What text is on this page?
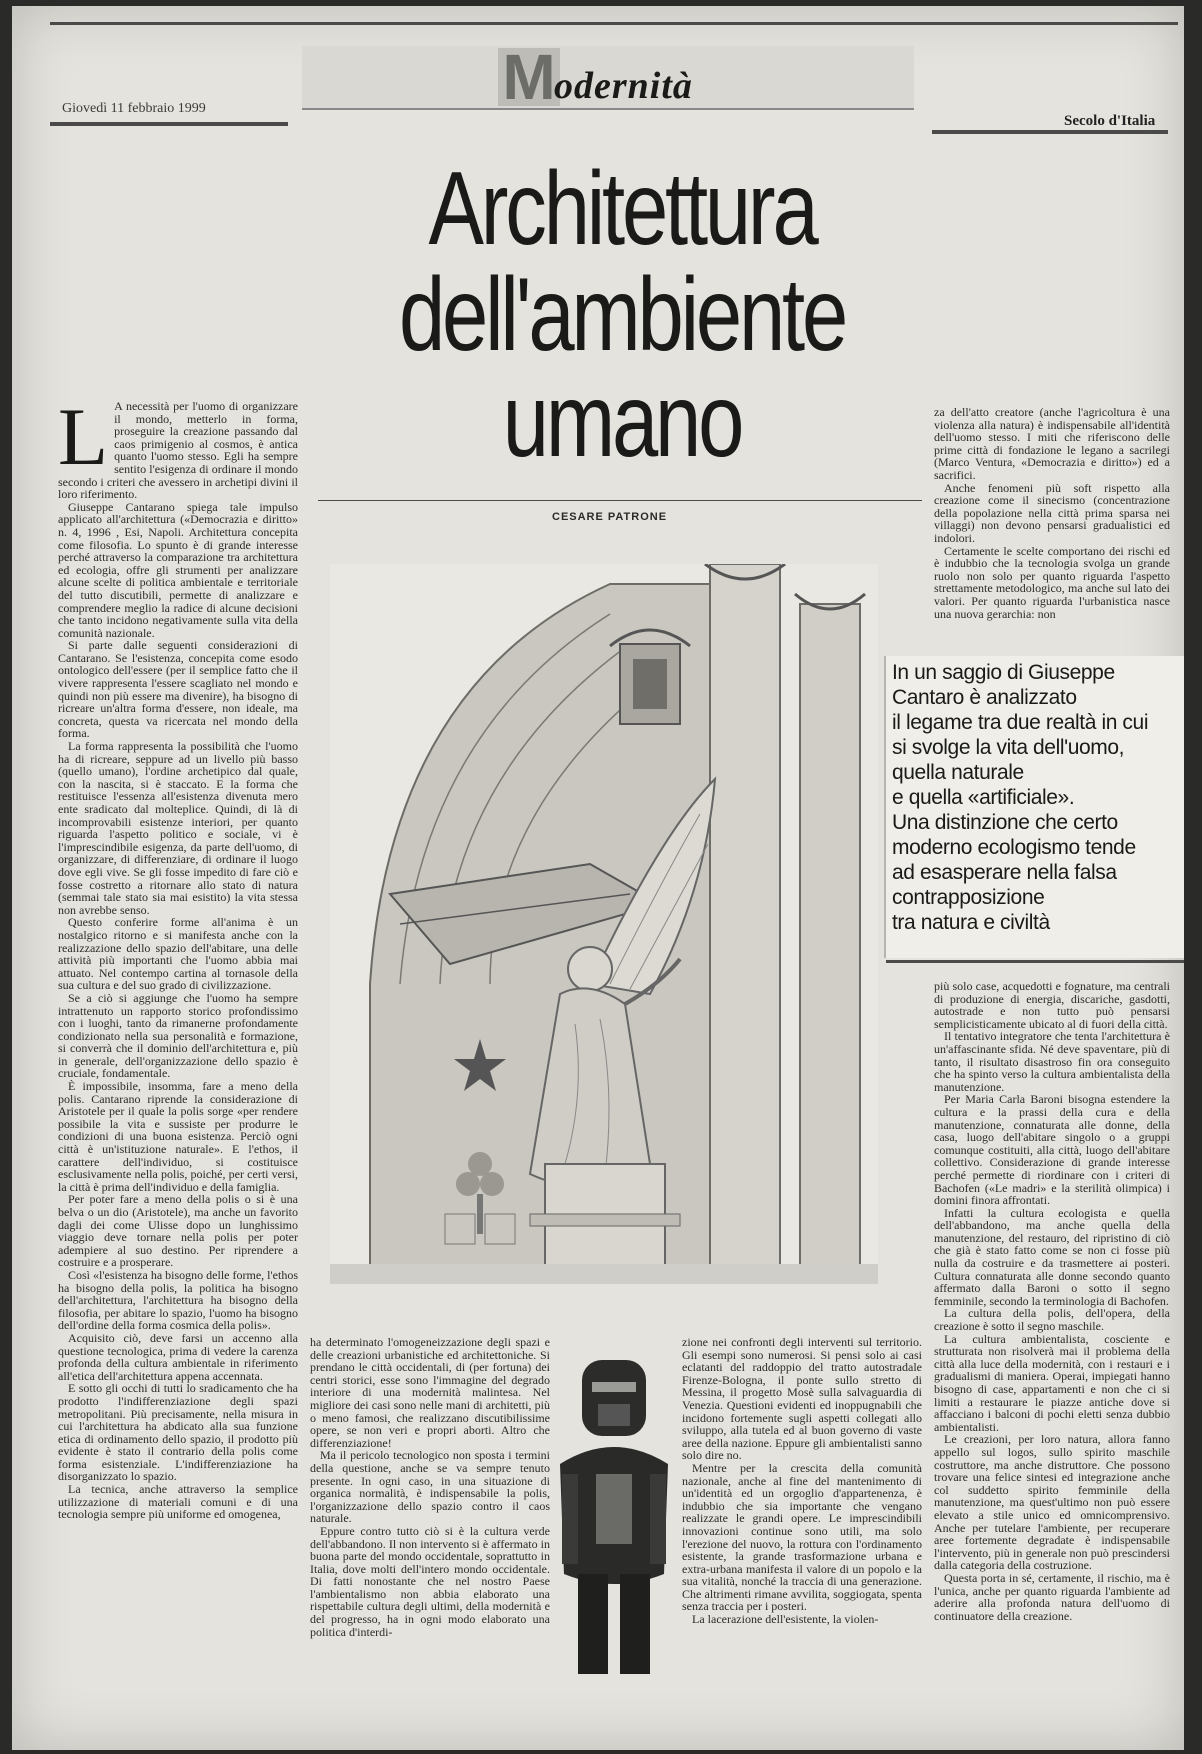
Giovedì 11 febbraio 1999
Secolo d'Italia
M
odernità
Architettura
dell'ambiente
umano
CESARE PATRONE
L A necessità per l'uomo di organizzare il mondo, metterlo in forma, proseguire la creazione passando dal caos primigenio al cosmos, è antica quanto l'uomo stesso. Egli ha sempre sentito l'esigenza di ordinare il mondo secondo i criteri che avessero in archetipi divini il loro riferimento.

Giuseppe Cantarano spiega tale impulso applicato all'architettura («Democrazia e diritto» n. 4, 1996 , Esi, Napoli. Architettura concepita come filosofia. Lo spunto è di grande interesse perché attraverso la comparazione tra architettura ed ecologia, offre gli strumenti per analizzare alcune scelte di politica ambientale e territoriale del tutto discutibili, permette di analizzare e comprendere meglio la radice di alcune decisioni che tanto incidono negativamente sulla vita della comunità nazionale.

Si parte dalle seguenti considerazioni di Cantarano. Se l'esistenza, concepita come esodo ontologico dell'essere (per il semplice fatto che il vivere rappresenta l'essere scagliato nel mondo e quindi non più essere ma divenire), ha bisogno di ricreare un'altra forma d'essere, non ideale, ma concreta, questa va ricercata nel mondo della forma.

La forma rappresenta la possibilità che l'uomo ha di ricreare, seppure ad un livello più basso (quello umano), l'ordine archetipico dal quale, con la nascita, si è staccato. E la forma che restituisce l'essenza all'esistenza divenuta mero ente sradicato dal molteplice. Quindi, di là di incomprovabili esistenze interiori, per quanto riguarda l'aspetto politico e sociale, vi è l'imprescindibile esigenza, da parte dell'uomo, di organizzare, di differenziare, di ordinare il luogo dove egli vive. Se gli fosse impedito di fare ciò e fosse costretto a ritornare allo stato di natura (semmai tale stato sia mai esistito) la vita stessa non avrebbe senso.

Questo conferire forme all'anima è un nostalgico ritorno e si manifesta anche con la realizzazione dello spazio dell'abitare, una delle attività più importanti che l'uomo abbia mai attuato. Nel contempo cartina al tornasole della sua cultura e del suo grado di civilizzazione.

Se a ciò si aggiunge che l'uomo ha sempre intrattenuto un rapporto storico profondissimo con i luoghi, tanto da rimanerne profondamente condizionato nella sua personalità e formazione, si converrà che il dominio dell'architettura e, più in generale, dell'organizzazione dello spazio è cruciale, fondamentale.

È impossibile, insomma, fare a meno della polis. Cantarano riprende la considerazione di Aristotele per il quale la polis sorge «per rendere possibile la vita e sussiste per produrre le condizioni di una buona esistenza. Perciò ogni città è un'istituzione naturale». E l'ethos, il carattere dell'individuo, si costituisce esclusivamente nella polis, poiché, per certi versi, la città è prima dell'individuo e della famiglia.

Per poter fare a meno della polis o si è una belva o un dio (Aristotele), ma anche un favorito dagli dei come Ulisse dopo un lunghissimo viaggio deve tornare nella polis per poter adempiere al suo destino. Per riprendere a costruire e a prosperare.

Così «l'esistenza ha bisogno delle forme, l'ethos ha bisogno della polis, la politica ha bisogno dell'architettura, l'architettura ha bisogno della filosofia, per abitare lo spazio, l'uomo ha bisogno dell'ordine della forma cosmica della polis».

Acquisito ciò, deve farsi un accenno alla questione tecnologica, prima di vedere la carenza profonda della cultura ambientale in riferimento all'etica dell'architettura appena accennata.

E sotto gli occhi di tutti lo sradicamento che ha prodotto l'indifferenziazione degli spazi metropolitani. Più precisamente, nella misura in cui l'architettura ha abdicato alla sua funzione etica di ordinamento dello spazio, il prodotto più evidente è stato il contrario della polis come forma esistenziale. L'indifferenziazione ha disorganizzato lo spazio.

La tecnica, anche attraverso la semplice utilizzazione di materiali comuni e di una tecnologia sempre più uniforme ed omogenea,

In un saggio di Giuseppe
Cantaro è analizzato
il legame tra due realtà in cui
si svolge la vita dell'uomo,
quella naturale
e quella «artificiale».
Una distinzione che certo
moderno ecologismo tende
ad esasperare nella falsa
contrapposizione
tra natura e civiltà

za dell'atto creatore (anche l'agricoltura è una violenza alla natura) è indispensabile all'identità dell'uomo stesso. I miti che riferiscono delle prime città di fondazione le legano a sacrilegi (Marco Ventura, «Democrazia e diritto») ed a sacrifici.

Anche fenomeni più soft rispetto alla creazione come il sinecismo (concentrazione della popolazione nella città prima sparsa nei villaggi) non devono pensarsi gradualistici ed indolori.

Certamente le scelte comportano dei rischi ed è indubbio che la tecnologia svolga un grande ruolo non solo per quanto riguarda l'aspetto strettamente metodologico, ma anche sul lato dei valori. Per quanto riguarda l'urbanistica nasce una nuova gerarchia: non

più solo case, acquedotti e fognature, ma centrali di produzione di energia, discariche, gasdotti, autostrade e non tutto può pensarsi semplicisticamente ubicato al di fuori della città.

Il tentativo integratore che tenta l'architettura è un'affascinante sfida. Né deve spaventare, più di tanto, il risultato disastroso fin ora conseguito che ha spinto verso la cultura ambientalista della manutenzione.

Per Maria Carla Baroni bisogna estendere la cultura e la prassi della cura e della manutenzione, connaturata alle donne, della casa, luogo dell'abitare singolo o a gruppi comunque costituiti, alla città, luogo dell'abitare collettivo. Considerazione di grande interesse perché permette di riordinare con i criteri di Bachofen («Le madri» e la sterilità olimpica) i domini finora affrontati.

Infatti la cultura ecologista e quella dell'abbandono, ma anche quella della manutenzione, del restauro, del ripristino di ciò che già è stato fatto come se non ci fosse più nulla da costruire e da trasmettere ai posteri. Cultura connaturata alle donne secondo quanto affermato dalla Baroni o sotto il segno femminile, secondo la terminologia di Bachofen.

La cultura della polis, dell'opera, della creazione è sotto il segno maschile.

La cultura ambientalista, cosciente e strutturata non risolverà mai il problema della città alla luce della modernità, con i restauri e i gradualismi di maniera. Operai, impiegati hanno bisogno di case, appartamenti e non che ci si limiti a restaurare le piazze antiche dove si affacciano i balconi di pochi eletti senza dubbio ambientalisti.

Le creazioni, per loro natura, allora fanno appello sul logos, sullo spirito maschile costruttore, ma anche distruttore. Che possono trovare una felice sintesi ed integrazione anche col suddetto spirito femminile della manutenzione, ma quest'ultimo non può essere elevato a stile unico ed omnicomprensivo. Anche per tutelare l'ambiente, per recuperare aree fortemente degradate è indispensabile l'intervento, più in generale non può prescindersi dalla categoria della costruzione.

Questa porta in sé, certamente, il rischio, ma è l'unica, anche per quanto riguarda l'ambiente ad aderire alla profonda natura dell'uomo di continuatore della creazione.

ha determinato l'omogeneizzazione degli spazi e delle creazioni urbanistiche ed architettoniche. Si prendano le città occidentali, di (per fortuna) dei centri storici, esse sono l'immagine del degrado interiore di una modernità malintesa. Nel migliore dei casi sono nelle mani di architetti, più o meno famosi, che realizzano discutibilissime opere, se non veri e propri aborti. Altro che differenziazione!

Ma il pericolo tecnologico non sposta i termini della questione, anche se va sempre tenuto presente. In ogni caso, in una situazione di organica normalità, è indispensabile la polis, l'organizzazione dello spazio contro il caos naturale.

Eppure contro tutto ciò si è la cultura verde dell'abbandono. Il non intervento si è affermato in buona parte del mondo occidentale, soprattutto in Italia, dove molti dell'intero mondo occidentale. Di fatti nonostante che nel nostro Paese l'ambientalismo non abbia elaborato una rispettabile cultura degli ultimi, della modernità e del progresso, ha in ogni modo elaborato una politica d'interdi-

zione nei confronti degli interventi sul territorio. Gli esempi sono numerosi. Si pensi solo ai casi eclatanti del raddoppio del tratto autostradale Firenze-Bologna, il ponte sullo stretto di Messina, il progetto Mosè sulla salvaguardia di Venezia. Questioni evidenti ed inoppugnabili che incidono fortemente sugli aspetti collegati allo sviluppo, alla tutela ed al buon governo di vaste aree della nazione. Eppure gli ambientalisti sanno solo dire no.

Mentre per la crescita della comunità nazionale, anche al fine del mantenimento di un'identità ed un orgoglio d'appartenenza, è indubbio che sia importante che vengano realizzate le grandi opere. Le imprescindibili innovazioni continue sono utili, ma solo l'erezione del nuovo, la rottura con l'ordinamento esistente, la grande trasformazione urbana e extra-urbana manifesta il valore di un popolo e la sua vitalità, nonché la traccia di una generazione. Che altrimenti rimane avvilita, soggiogata, spenta senza traccia per i posteri.

La lacerazione dell'esistente, la violen-
